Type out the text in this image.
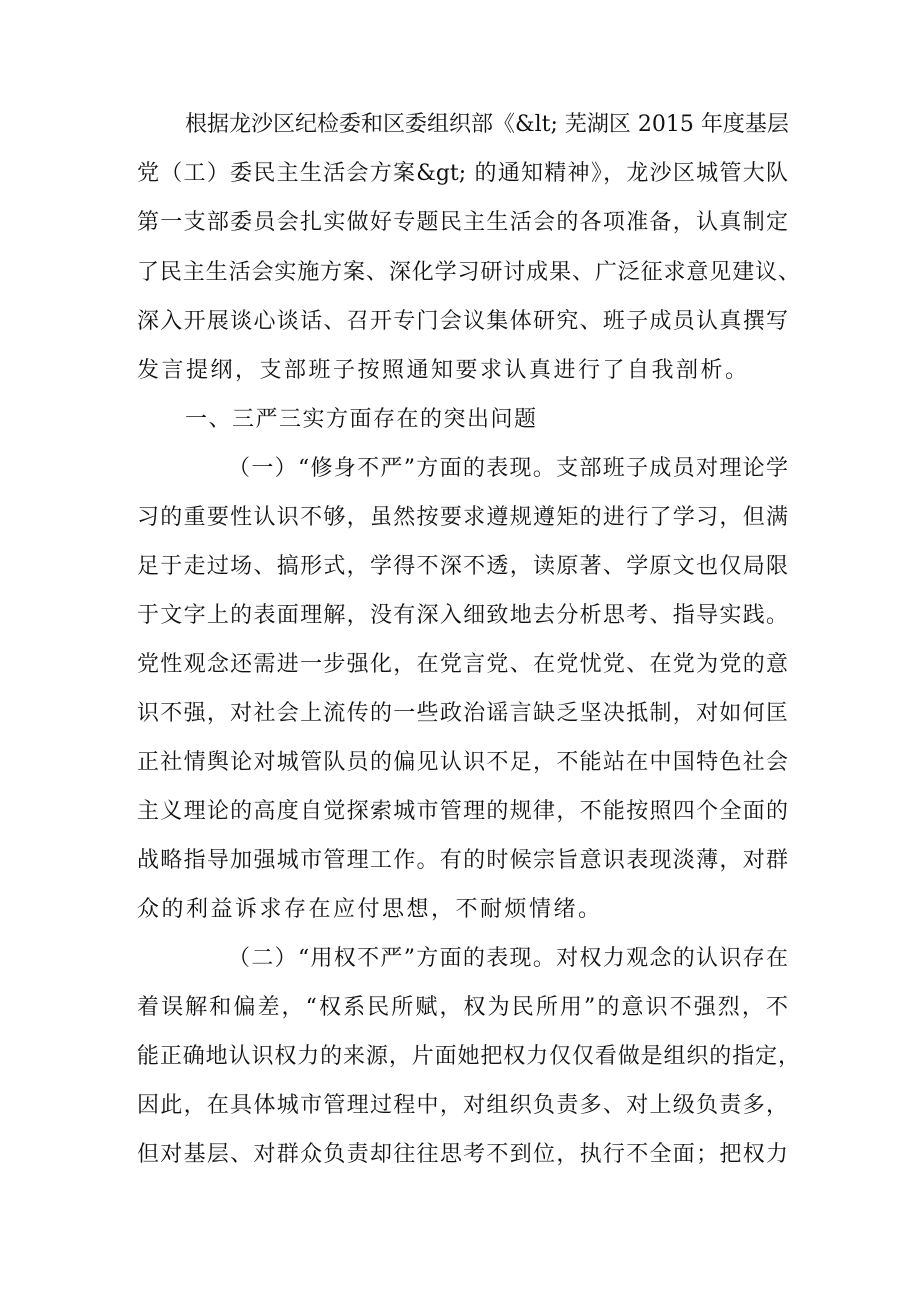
根据龙沙区纪检委和区委组织部《&lt; 芜湖区 2015 年度基层
党（工）委民主生活会方案&gt; 的通知精神》，龙沙区城管大队
第一支部委员会扎实做好专题民主生活会的各项准备，认真制定
了民主生活会实施方案、深化学习研讨成果、广泛征求意见建议、
深入开展谈心谈话、召开专门会议集体研究、班子成员认真撰写
发言提纲，支部班子按照通知要求认真进行了自我剖析。
一、三严三实方面存在的突出问题
（一）“修身不严”方面的表现。支部班子成员对理论学
习的重要性认识不够，虽然按要求遵规遵矩的进行了学习，但满
足于走过场、搞形式，学得不深不透，读原著、学原文也仅局限
于文字上的表面理解，没有深入细致地去分析思考、指导实践。
党性观念还需进一步强化，在党言党、在党忧党、在党为党的意
识不强，对社会上流传的一些政治谣言缺乏坚决抵制，对如何匡
正社情舆论对城管队员的偏见认识不足，不能站在中国特色社会
主义理论的高度自觉探索城市管理的规律，不能按照四个全面的
战略指导加强城市管理工作。有的时候宗旨意识表现淡薄，对群
众的利益诉求存在应付思想，不耐烦情绪。
（二）“用权不严”方面的表现。对权力观念的认识存在
着误解和偏差，“权系民所赋，权为民所用”的意识不强烈，不
能正确地认识权力的来源，片面她把权力仅仅看做是组织的指定，
因此，在具体城市管理过程中，对组织负责多、对上级负责多，
但对基层、对群众负责却往往思考不到位，执行不全面；把权力
